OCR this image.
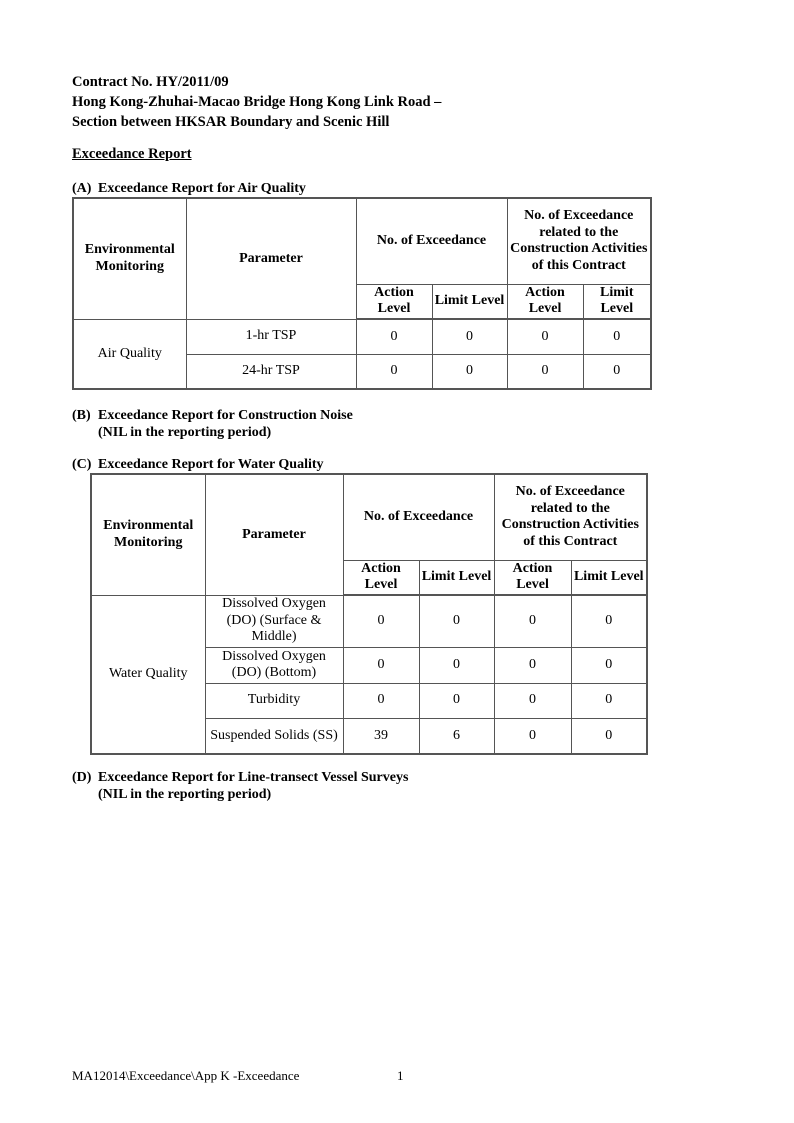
Contract No. HY/2011/09
Hong Kong-Zhuhai-Macao Bridge Hong Kong Link Road –
Section between HKSAR Boundary and Scenic Hill
Exceedance Report
(A) Exceedance Report for Air Quality
Environmental Monitoring	Parameter	No. of Exceedance		No. of Exceedance related to the Construction Activities of this Contract	
		Action Level	Limit Level	Action Level	Limit Level
Air Quality	1-hr TSP	0	0	0	0
	24-hr TSP	0	0	0	0
(B) Exceedance Report for Construction Noise
(NIL in the reporting period)
(C) Exceedance Report for Water Quality
Environmental Monitoring	Parameter	No. of Exceedance		No. of Exceedance related to the Construction Activities of this Contract	
		Action Level	Limit Level	Action Level	Limit Level
Water Quality	Dissolved Oxygen (DO) (Surface & Middle)	0	0	0	0
	Dissolved Oxygen (DO) (Bottom)	0	0	0	0
	Turbidity	0	0	0	0
	Suspended Solids (SS)	39	6	0	0
(D) Exceedance Report for Line-transect Vessel Surveys
(NIL in the reporting period)
MA12014\Exceedance\App K -Exceedance	1
